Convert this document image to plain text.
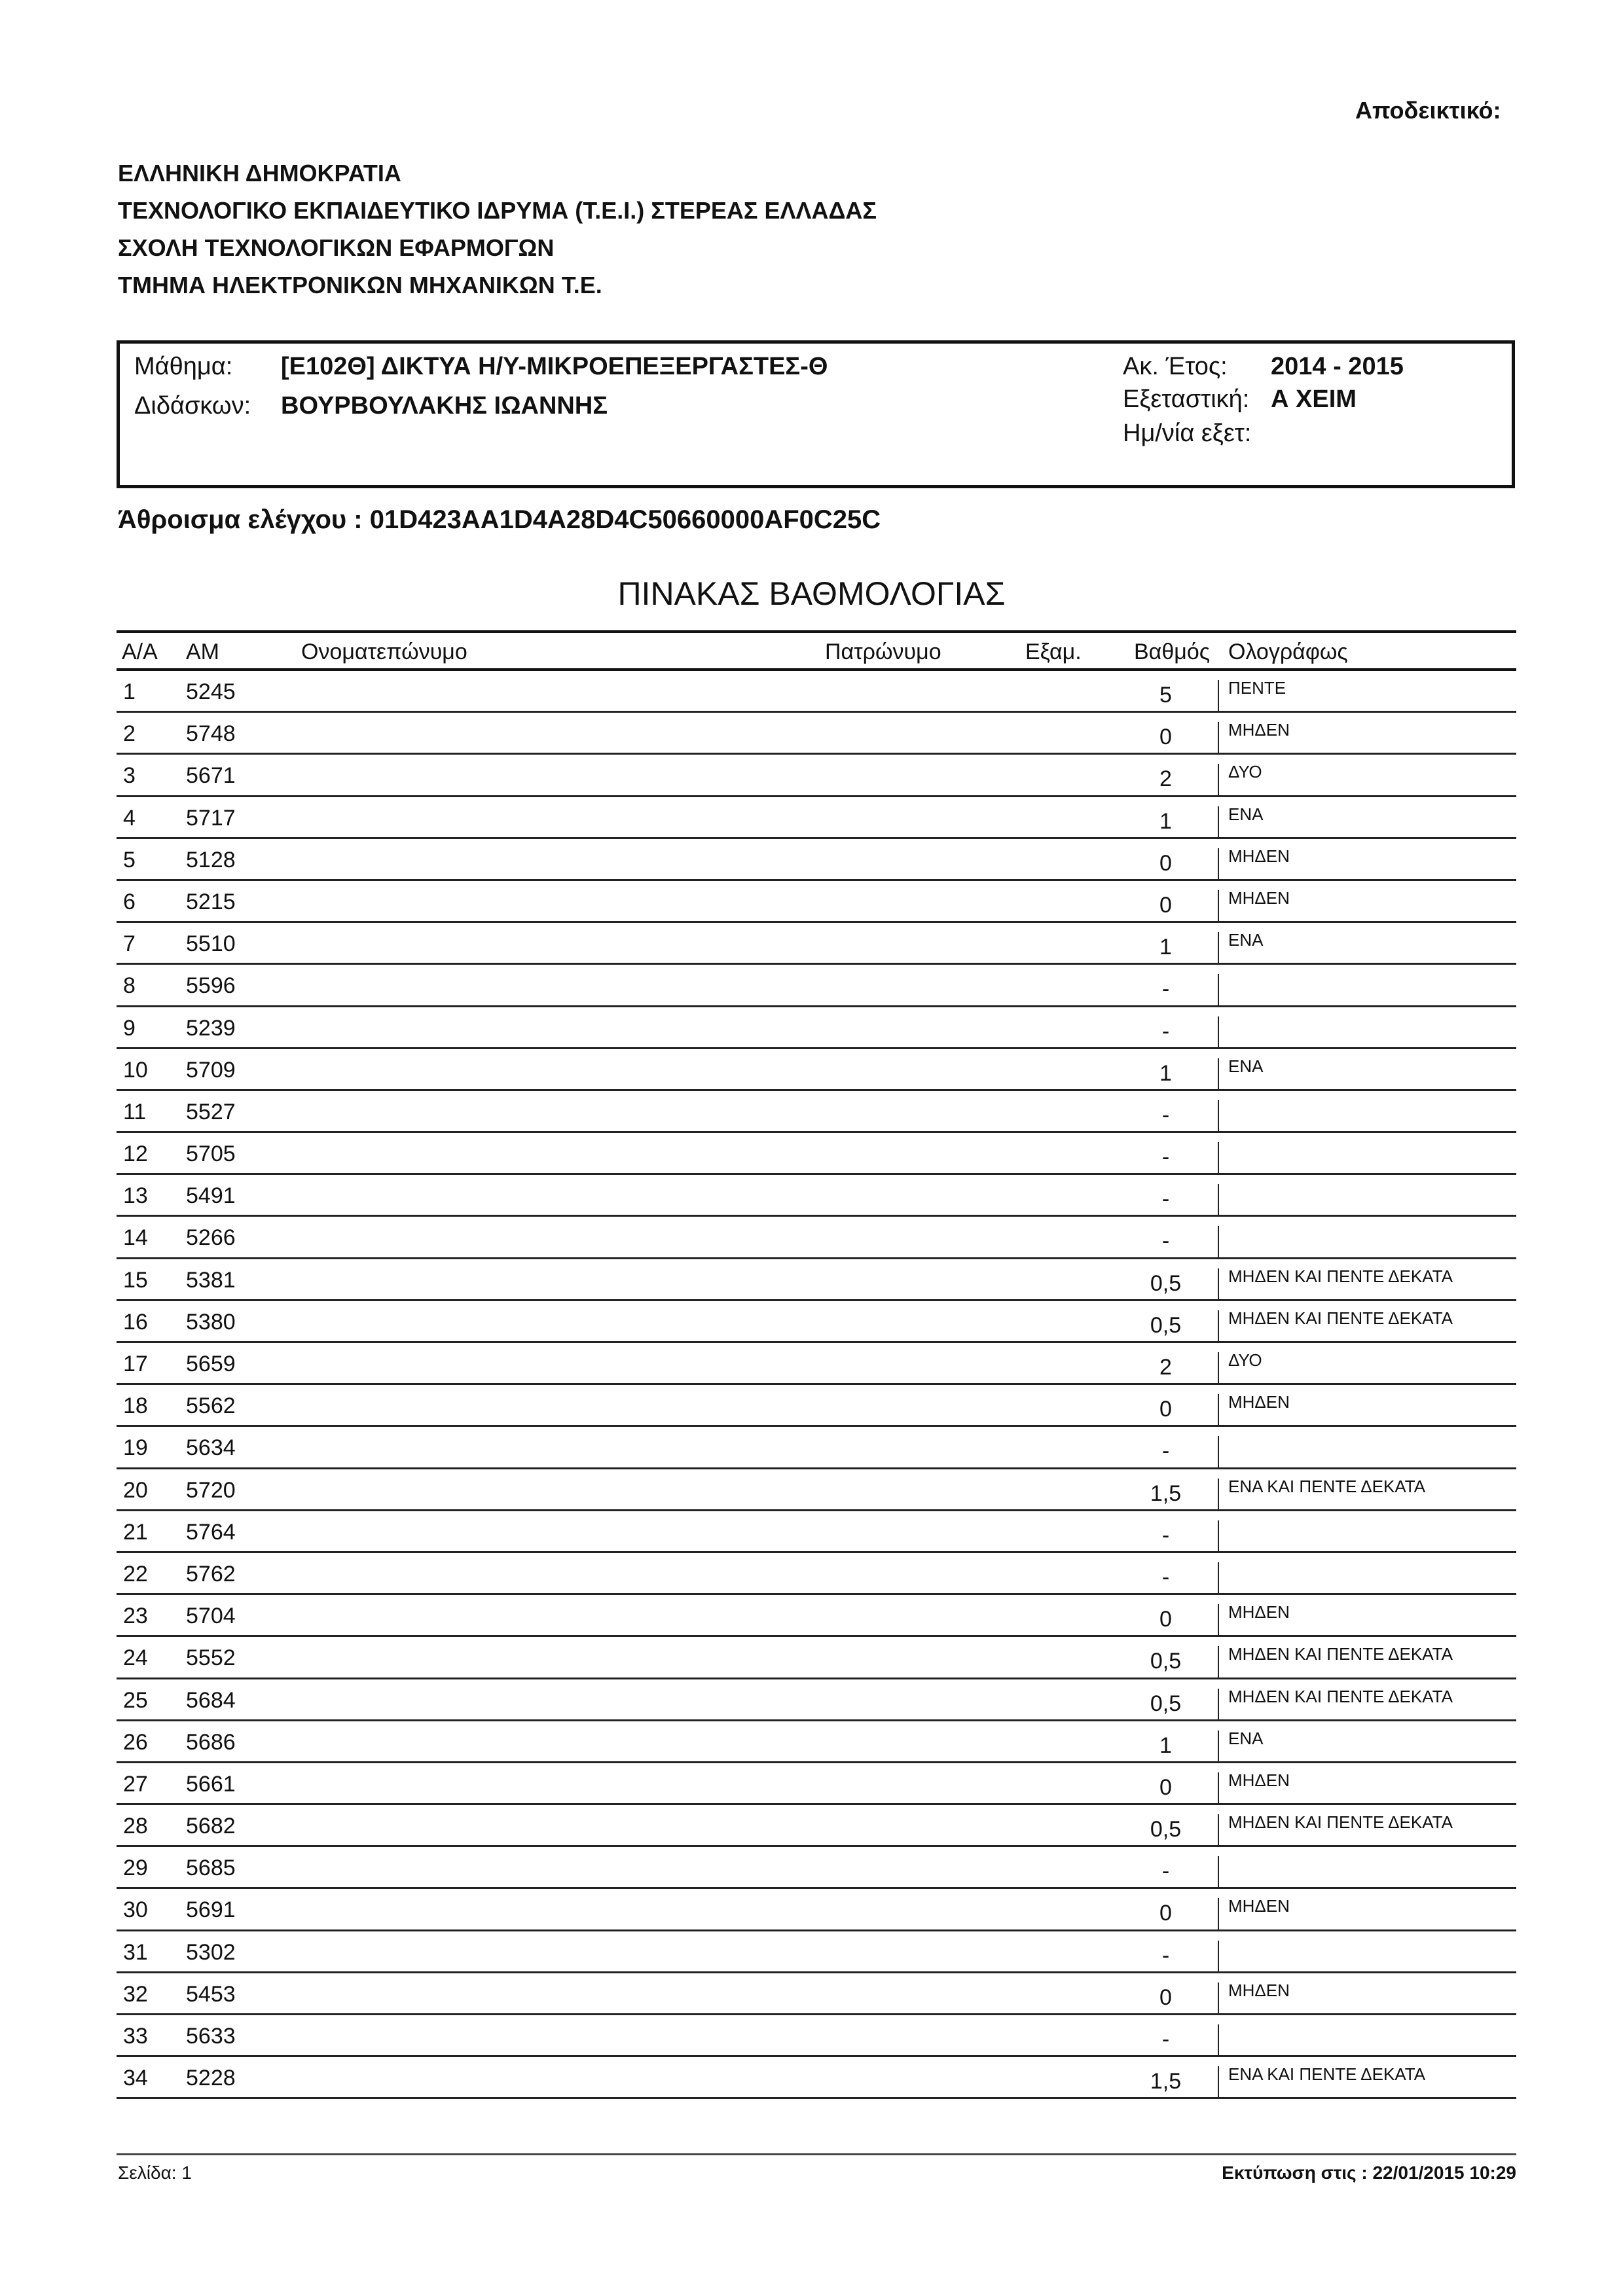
Αποδεικτικό:
ΕΛΛΗΝΙΚΗ ΔΗΜΟΚΡΑΤΙΑ
ΤΕΧΝΟΛΟΓΙΚΟ ΕΚΠΑΙΔΕΥΤΙΚΟ ΙΔΡΥΜΑ (Τ.Ε.Ι.) ΣΤΕΡΕΑΣ ΕΛΛΑΔΑΣ
ΣΧΟΛΗ ΤΕΧΝΟΛΟΓΙΚΩΝ ΕΦΑΡΜΟΓΩΝ
ΤΜΗΜΑ ΗΛΕΚΤΡΟΝΙΚΩΝ ΜΗΧΑΝΙΚΩΝ Τ.Ε.
Μάθημα: [Ε102Θ] ΔΙΚΤΥΑ Η/Υ-ΜΙΚΡΟΕΠΕΞΕΡΓΑΣΤΕΣ-Θ
Διδάσκων: ΒΟΥΡΒΟΥΛΑΚΗΣ ΙΩΑΝΝΗΣ
Ακ. Έτος: 2014 - 2015
Εξεταστική: Α ΧΕΙΜ
Ημ/νία εξετ:
Άθροισμα ελέγχου : 01D423AA1D4A28D4C50660000AF0C25C
ΠΙΝΑΚΑΣ ΒΑΘΜΟΛΟΓΙΑΣ
Α/Α ΑΜ	Ονοματεπώνυμο	Πατρώνυμο	Εξαμ. Βαθμός Ολογράφως
1 5245	5	ΠΕΝΤΕ
2 5748	0	ΜΗΔΕΝ
3 5671	2	ΔΥΟ
4 5717	1	ΕΝΑ
5 5128	0	ΜΗΔΕΝ
6 5215	0	ΜΗΔΕΝ
7 5510	1	ΕΝΑ
8 5596	-
9 5239	-
10 5709	1	ΕΝΑ
11 5527	-
12 5705	-
13 5491	-
14 5266	-
15 5381	0,5	ΜΗΔΕΝ ΚΑΙ ΠΕΝΤΕ ΔΕΚΑΤΑ
16 5380	0,5	ΜΗΔΕΝ ΚΑΙ ΠΕΝΤΕ ΔΕΚΑΤΑ
17 5659	2	ΔΥΟ
18 5562	0	ΜΗΔΕΝ
19 5634	-
20 5720	1,5	ΕΝΑ ΚΑΙ ΠΕΝΤΕ ΔΕΚΑΤΑ
21 5764	-
22 5762	-
23 5704	0	ΜΗΔΕΝ
24 5552	0,5	ΜΗΔΕΝ ΚΑΙ ΠΕΝΤΕ ΔΕΚΑΤΑ
25 5684	0,5	ΜΗΔΕΝ ΚΑΙ ΠΕΝΤΕ ΔΕΚΑΤΑ
26 5686	1	ΕΝΑ
27 5661	0	ΜΗΔΕΝ
28 5682	0,5	ΜΗΔΕΝ ΚΑΙ ΠΕΝΤΕ ΔΕΚΑΤΑ
29 5685	-
30 5691	0	ΜΗΔΕΝ
31 5302	-
32 5453	0	ΜΗΔΕΝ
33 5633	-
34 5228	1,5	ΕΝΑ ΚΑΙ ΠΕΝΤΕ ΔΕΚΑΤΑ
Σελίδα: 1	Εκτύπωση στις : 22/01/2015 10:29
